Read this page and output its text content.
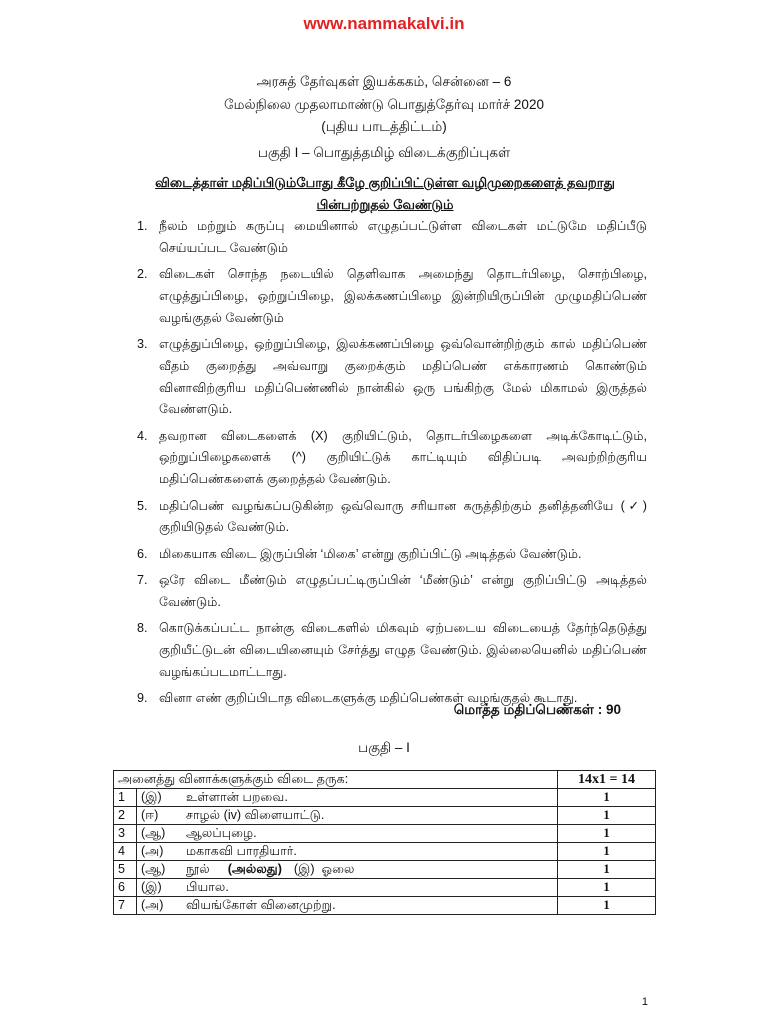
www.nammakalvi.in
அரசுத் தேர்வுகள் இயக்ககம், சென்னை – 6
மேல்நிலை முதலாமாண்டு பொதுத்தேர்வு மார்ச் 2020
(புதிய பாடத்திட்டம்)
பகுதி I – பொதுத்தமிழ் விடைக்குறிப்புகள்
விடைத்தாள் மதிப்பிடும்போது கீழே குறிப்பிட்டுள்ள வழிமுறைகளைத் தவறாது
பின்பற்றுதல் வேண்டும்
1. நீலம் மற்றும் கருப்பு மையினால் எழுதப்பட்டுள்ள விடைகள் மட்டுமே மதிப்பீடு செய்யப்பட வேண்டும்
2. விடைகள் சொந்த நடையில் தெளிவாக அமைந்து தொடர்பிழை, சொற்பிழை, எழுத்துப்பிழை, ஒற்றுப்பிழை, இலக்கணப்பிழை இன்றியிருப்பின் முழுமதிப்பெண் வழங்குதல் வேண்டும்
3. எழுத்துப்பிழை, ஒற்றுப்பிழை, இலக்கணப்பிழை ஒவ்வொன்றிற்கும் கால் மதிப்பெண் வீதம் குறைத்து அவ்வாறு குறைக்கும் மதிப்பெண் எக்காரணம் கொண்டும் வினாவிற்குரிய மதிப்பெண்ணில் நான்கில் ஒரு பங்கிற்கு மேல் மிகாமல் இருத்தல் வேண்ளடும்.
4. தவறான விடைகளைக் (X) குறியிட்டும், தொடர்பிழைகளை அடிக்கோடிட்டும், ஒற்றுப்பிழைகளைக் (^) குறியிட்டுக் காட்டியும் விதிப்படி அவற்றிற்குரிய மதிப்பெண்களைக் குறைத்தல் வேண்டும்.
5. மதிப்பெண் வழங்கப்படுகின்ற ஒவ்வொரு சரியான கருத்திற்கும் தனித்தனியே (✓) குறியிடுதல் வேண்டும்.
6. மிகையாக விடை இருப்பின் ‘மிகை’ என்று குறிப்பிட்டு அடித்தல் வேண்டும்.
7. ஒரே விடை மீண்டும் எழுதப்பட்டிருப்பின் ‘மீண்டும்’ என்று குறிப்பிட்டு அடித்தல் வேண்டும்.
8. கொடுக்கப்பட்ட நான்கு விடைகளில் மிகவும் ஏற்படைய விடையைத் தேர்ந்தெடுத்து குறியீட்டுடன் விடையினையும் சேர்த்து எழுத வேண்டும். இல்லையெனில் மதிப்பெண் வழங்கப்படமாட்டாது.
9. வினா எண் குறிப்பிடாத விடைகளுக்கு மதிப்பெண்கள் வழங்குதல் கூடாது.
மொத்த மதிப்பெண்கள் : 90
பகுதி – I
அனைத்து வினாக்களுக்கும் விடை தருக:		14x1 = 14
1	(இ) உள்ளான் பறவை.	1
2	(ஈ) சாழல் (iv) விளையாட்டு.	1
3	(ஆ) ஆலப்புழை.	1
4	(அ) மகாகவி பாரதியார்.	1
5	(ஆ) நூல் (அல்லது) (இ) ஓலை	1
6	(இ) பியால.	1
7	(அ) வியங்கோள் வினைமுற்று.	1
1
